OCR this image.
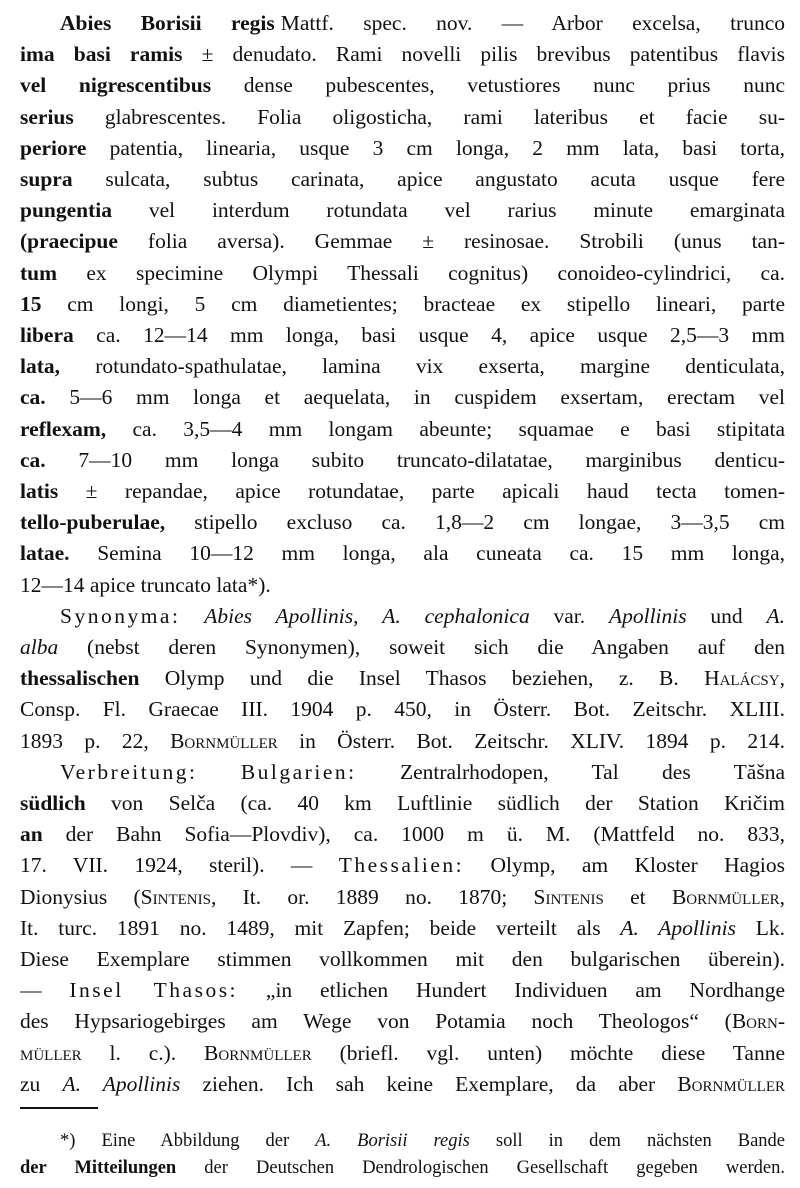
Abies Borisii regis Mattf. spec. nov. — Arbor excelsa, trunco
ima basi ramis ± denudato. Rami novelli pilis brevibus patentibus flavis
vel nigrescentibus dense pubescentes, vetustiores nunc prius nunc
serius glabrescentes. Folia oligosticha, rami lateribus et facie su-
periore patentia, linearia, usque 3 cm longa, 2 mm lata, basi torta,
supra sulcata, subtus carinata, apice angustato acuta usque fere
pungentia vel interdum rotundata vel rarius minute emarginata
(praecipue folia aversa). Gemmae ± resinosae. Strobili (unus tan-
tum ex specimine Olympi Thessali cognitus) conoideo-cylindrici, ca.
15 cm longi, 5 cm diametientes; bracteae ex stipello lineari, parte
libera ca. 12—14 mm longa, basi usque 4, apice usque 2,5—3 mm
lata, rotundato-spathulatae, lamina vix exserta, margine denticulata,
ca. 5—6 mm longa et aequelata, in cuspidem exsertam, erectam vel
reflexam, ca. 3,5—4 mm longam abeunte; squamae e basi stipitata
ca. 7—10 mm longa subito truncato-dilatatae, marginibus denticu-
latis ± repandae, apice rotundatae, parte apicali haud tecta tomen-
tello-puberulae, stipello excluso ca. 1,8—2 cm longae, 3—3,5 cm
latae. Semina 10—12 mm longa, ala cuneata ca. 15 mm longa,
12—14 apice truncato lata*).
Synonyma: Abies Apollinis, A. cephalonica var. Apollinis und A.
alba (nebst deren Synonymen), soweit sich die Angaben auf den
thessalischen Olymp und die Insel Thasos beziehen, z. B. Halácsy,
Consp. Fl. Graecae III. 1904 p. 450, in Österr. Bot. Zeitschr. XLIII.
1893 p. 22, Bornmüller in Österr. Bot. Zeitschr. XLIV. 1894 p. 214.
Verbreitung: Bulgarien: Zentralrhodopen, Tal des Tăšna
südlich von Selča (ca. 40 km Luftlinie südlich der Station Kričim
an der Bahn Sofia—Plovdiv), ca. 1000 m ü. M. (Mattfeld no. 833,
17. VII. 1924, steril). — Thessalien: Olymp, am Kloster Hagios
Dionysius (Sintenis, It. or. 1889 no. 1870; Sintenis et Bornmüller,
It. turc. 1891 no. 1489, mit Zapfen; beide verteilt als A. Apollinis Lk.
Diese Exemplare stimmen vollkommen mit den bulgarischen überein).
— Insel Thasos: „in etlichen Hundert Individuen am Nordhange
des Hypsariogebirges am Wege von Potamia noch Theologos“ (Born-
müller l. c.). Bornmüller (briefl. vgl. unten) möchte diese Tanne
zu A. Apollinis ziehen. Ich sah keine Exemplare, da aber Bornmüller
*) Eine Abbildung der A. Borisii regis soll in dem nächsten Bande
der Mitteilungen der Deutschen Dendrologischen Gesellschaft gegeben werden.
